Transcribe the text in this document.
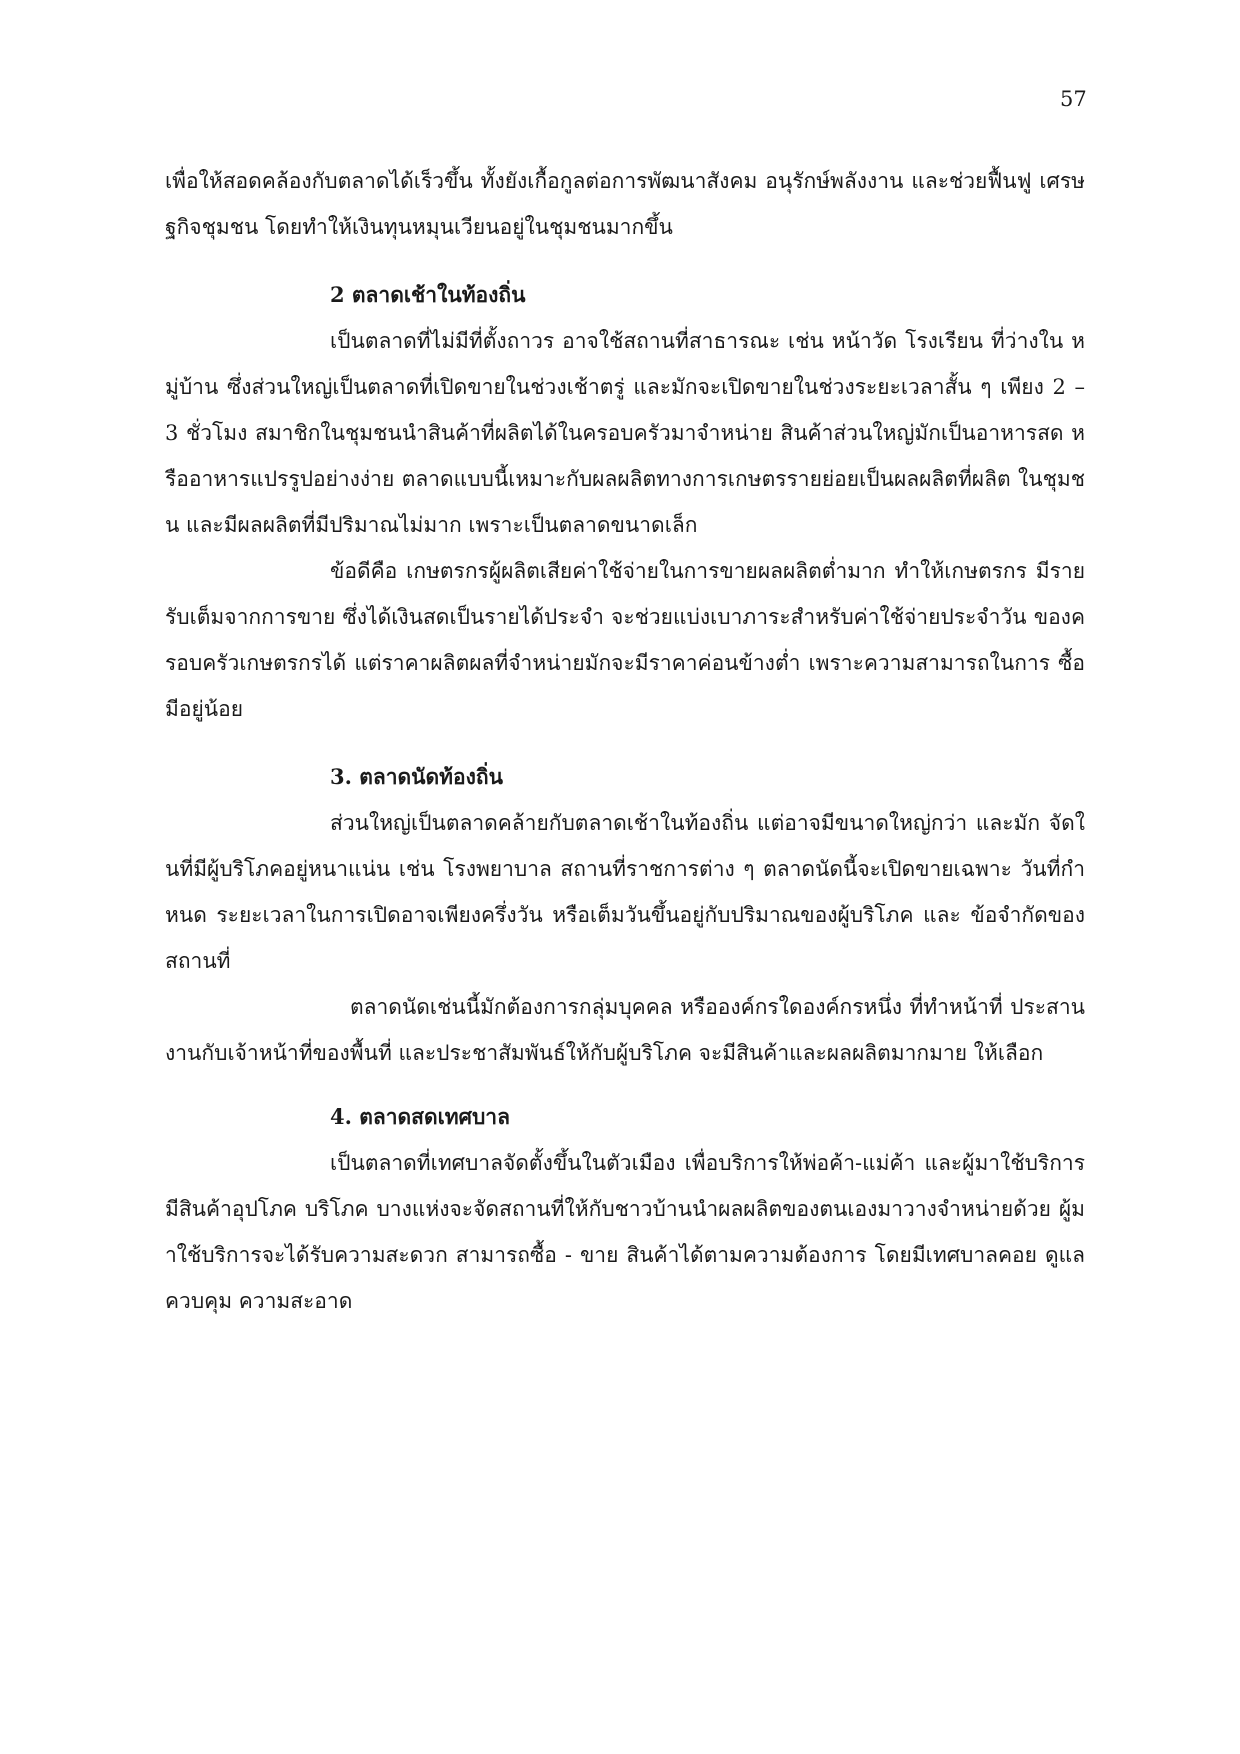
57

เพื่อให้สอดคล้องกับตลาดได้เร็วขึ้น ทั้งยังเกื้อกูลต่อการพัฒนาสังคม อนุรักษ์พลังงาน และช่วยฟื้นฟู เศรษฐกิจชุมชน โดยทำให้เงินทุนหมุนเวียนอยู่ในชุมชนมากขึ้น

2 ตลาดเช้าในท้องถิ่น

เป็นตลาดที่ไม่มีที่ตั้งถาวร อาจใช้สถานที่สาธารณะ เช่น หน้าวัด โรงเรียน ที่ว่างใน หมู่บ้าน ซึ่งส่วนใหญ่เป็นตลาดที่เปิดขายในช่วงเช้าตรู่ และมักจะเปิดขายในช่วงระยะเวลาสั้น ๆ เพียง 2 – 3 ชั่วโมง สมาชิกในชุมชนนำสินค้าที่ผลิตได้ในครอบครัวมาจำหน่าย สินค้าส่วนใหญ่มักเป็นอาหารสด หรืออาหารแปรรูปอย่างง่าย ตลาดแบบนี้เหมาะกับผลผลิตทางการเกษตรรายย่อยเป็นผลผลิตที่ผลิต ในชุมชน และมีผลผลิตที่มีปริมาณไม่มาก เพราะเป็นตลาดขนาดเล็ก

ข้อดีคือ เกษตรกรผู้ผลิตเสียค่าใช้จ่ายในการขายผลผลิตต่ำมาก ทำให้เกษตรกร มีรายรับเต็มจากการขาย ซึ่งได้เงินสดเป็นรายได้ประจำ จะช่วยแบ่งเบาภาระสำหรับค่าใช้จ่ายประจำวัน ของครอบครัวเกษตรกรได้ แต่ราคาผลิตผลที่จำหน่ายมักจะมีราคาค่อนข้างต่ำ เพราะความสามารถในการ ซื้อมีอยู่น้อย

3. ตลาดนัดท้องถิ่น

ส่วนใหญ่เป็นตลาดคล้ายกับตลาดเช้าในท้องถิ่น แต่อาจมีขนาดใหญ่กว่า และมัก จัดในที่มีผู้บริโภคอยู่หนาแน่น เช่น โรงพยาบาล สถานที่ราชการต่าง ๆ ตลาดนัดนี้จะเปิดขายเฉพาะ วันที่กำหนด ระยะเวลาในการเปิดอาจเพียงครึ่งวัน หรือเต็มวันขึ้นอยู่กับปริมาณของผู้บริโภค และ ข้อจำกัดของสถานที่

ตลาดนัดเช่นนี้มักต้องการกลุ่มบุคคล หรือองค์กรใดองค์กรหนึ่ง ที่ทำหน้าที่ ประสานงานกับเจ้าหน้าที่ของพื้นที่ และประชาสัมพันธ์ให้กับผู้บริโภค จะมีสินค้าและผลผลิตมากมาย ให้เลือก

4. ตลาดสดเทศบาล

เป็นตลาดที่เทศบาลจัดตั้งขึ้นในตัวเมือง เพื่อบริการให้พ่อค้า-แม่ค้า และผู้มาใช้บริการ มีสินค้าอุปโภค บริโภค บางแห่งจะจัดสถานที่ให้กับชาวบ้านนำผลผลิตของตนเองมาวางจำหน่ายด้วย ผู้มาใช้บริการจะได้รับความสะดวก สามารถซื้อ - ขาย สินค้าได้ตามความต้องการ โดยมีเทศบาลคอย ดูแล ควบคุม ความสะอาด
